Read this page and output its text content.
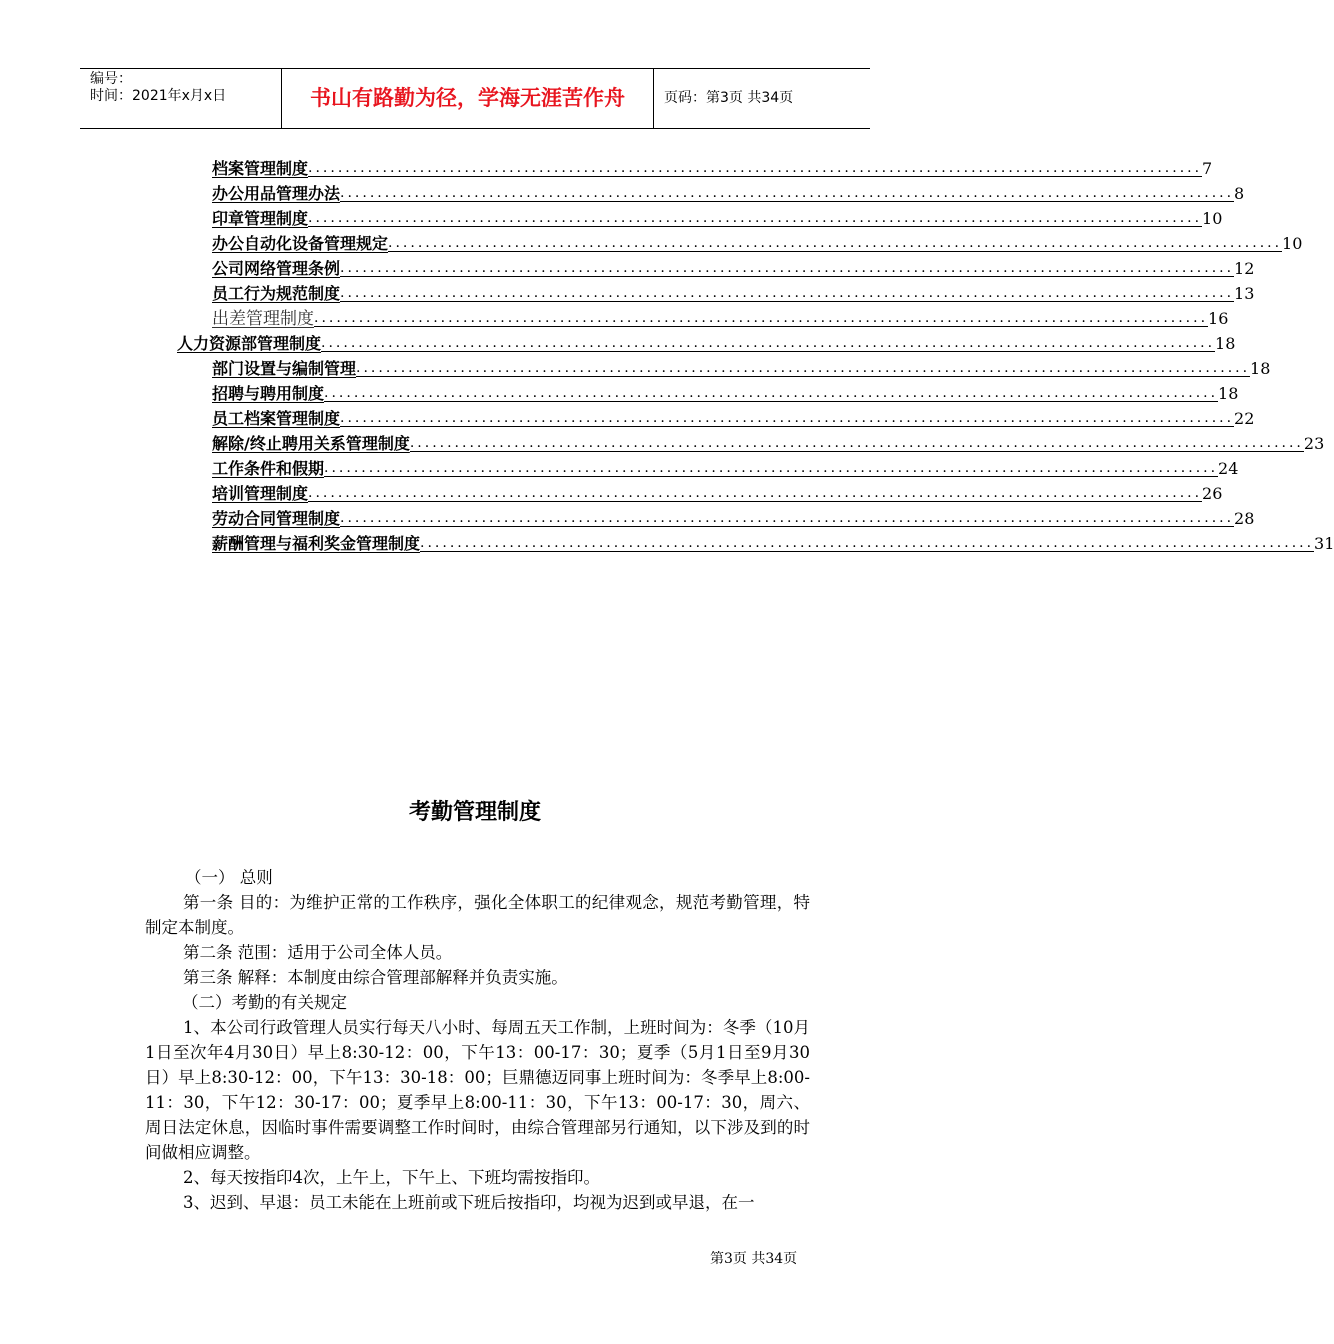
编号：
时间：2021年x月x日	书山有路勤为径，学海无涯苦作舟	页码：第3页 共34页
档案管理制度 ........................................................................................................................ 7
办公用品管理办法 ........................................................................................................................ 8
印章管理制度 ........................................................................................................................ 10
办公自动化设备管理规定 ........................................................................................................................ 10
公司网络管理条例 ........................................................................................................................ 12
员工行为规范制度 ........................................................................................................................ 13
出差管理制度 ........................................................................................................................ 16
人力资源部管理制度 ........................................................................................................................ 18
部门设置与编制管理 ........................................................................................................................ 18
招聘与聘用制度 ........................................................................................................................ 18
员工档案管理制度 ........................................................................................................................ 22
解除/终止聘用关系管理制度 ........................................................................................................................ 23
工作条件和假期 ........................................................................................................................ 24
培训管理制度 ........................................................................................................................ 26
劳动合同管理制度 ........................................................................................................................ 28
薪酬管理与福利奖金管理制度 ........................................................................................................................ 31
考勤管理制度
（一） 总则
第一条 目的：为维护正常的工作秩序，强化全体职工的纪律观念，规范考勤管理，特制定本制度。
第二条 范围：适用于公司全体人员。
第三条 解释：本制度由综合管理部解释并负责实施。
（二）考勤的有关规定
1、本公司行政管理人员实行每天八小时、每周五天工作制，上班时间为：冬季（10月1日至次年4月30日）早上8:30-12：00，下午13：00-17：30；夏季（5月1日至9月30日）早上8:30-12：00，下午13：30-18：00；巨鼎德迈同事上班时间为：冬季早上8:00-11：30，下午12：30-17：00；夏季早上8:00-11：30，下午13：00-17：30，周六、周日法定休息，因临时事件需要调整工作时间时，由综合管理部另行通知，以下涉及到的时间做相应调整。
2、每天按指印4次，上午上，下午上、下班均需按指印。
3、迟到、早退：员工未能在上班前或下班后按指印，均视为迟到或早退，在一
第3页 共34页
